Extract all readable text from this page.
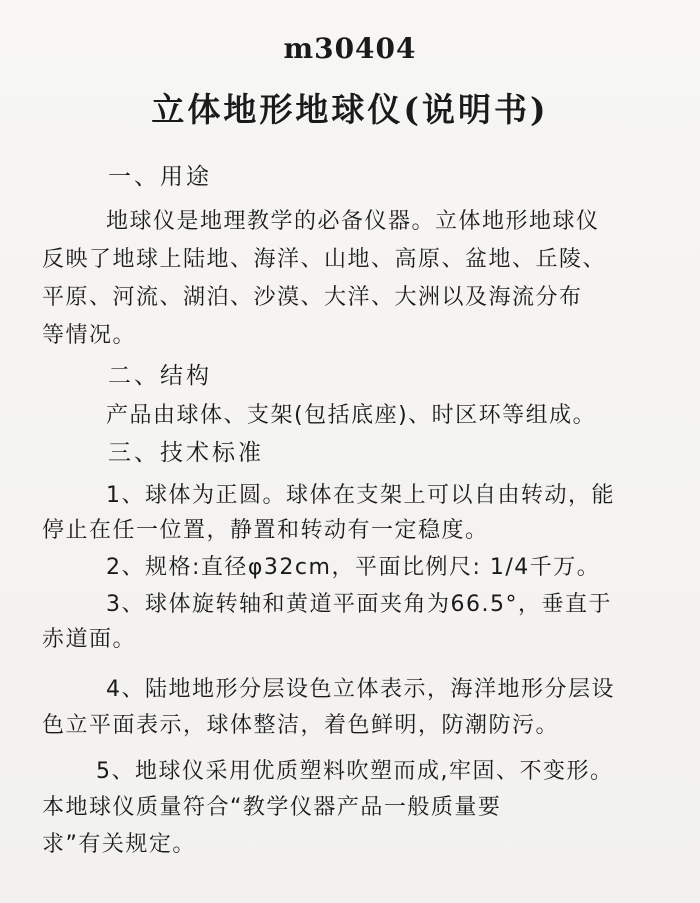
m30404
立体地形地球仪(说明书)
一、用途
地球仪是地理教学的必备仪器。立体地形地球仪
反映了地球上陆地、海洋、山地、高原、盆地、丘陵、
平原、河流、湖泊、沙漠、大洋、大洲以及海流分布
等情况。
二、结构
产品由球体、支架(包括底座)、时区环等组成。
三、技术标准
1、球体为正圆。球体在支架上可以自由转动，能
停止在任一位置，静置和转动有一定稳度。
2、规格:直径φ32cm，平面比例尺: 1/4千万。
3、球体旋转轴和黄道平面夹角为66.5°，垂直于
赤道面。
4、陆地地形分层设色立体表示，海洋地形分层设
色立平面表示，球体整洁，着色鲜明，防潮防污。
5、地球仪采用优质塑料吹塑而成,牢固、不变形。
本地球仪质量符合“教学仪器产品一般质量要
求”有关规定。
